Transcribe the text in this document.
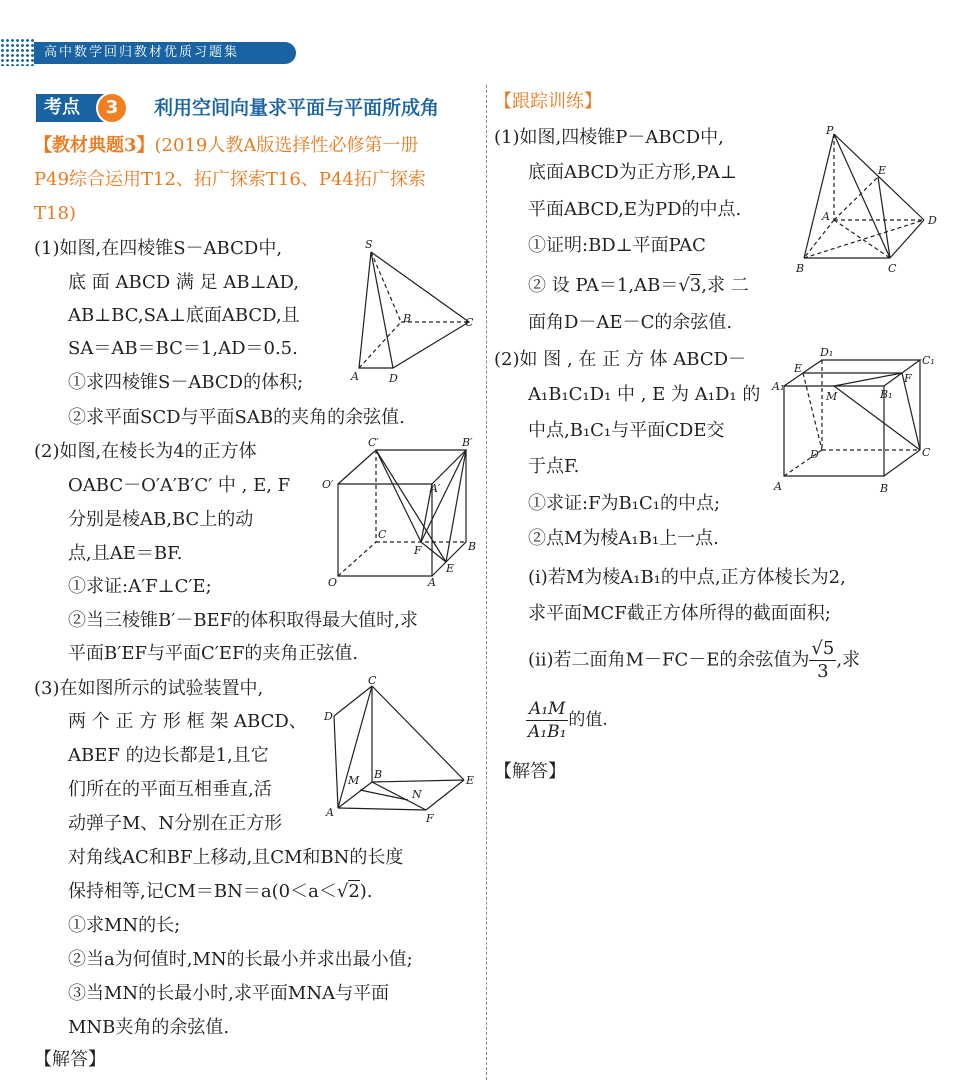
高中数学回归教材优质习题集
考点	3	利用空间向量求平面与平面所成角
【教材典题3】(2019人教A版选择性必修第一册
P49综合运用T12、拓广探索T16、P44拓广探索
T18)
(1)如图,在四棱锥S－ABCD中,
底 面 ABCD 满 足 AB⊥AD,
AB⊥BC,SA⊥底面ABCD,且
SA＝AB＝BC＝1,AD＝0.5.
①求四棱锥S－ABCD的体积;
②求平面SCD与平面SAB的夹角的余弦值.
S
B	C
A	D
(2)如图,在棱长为4的正方体
OABC－O′A′B′C′ 中 , E, F
分别是棱AB,BC上的动
点,且AE＝BF.
①求证:A′F⊥C′E;
②当三棱锥B′－BEF的体积取得最大值时,求
平面B′EF与平面C′EF的夹角正弦值.
C′	B′
O′	A′
C
F	B
E
O	A
(3)在如图所示的试验装置中,
两 个 正 方 形 框 架 ABCD、
ABEF 的边长都是1,且它
们所在的平面互相垂直,活
动弹子M、N分别在正方形
对角线AC和BF上移动,且CM和BN的长度
保持相等,记CM＝BN＝a(0＜a＜√2).
①求MN的长;
②当a为何值时,MN的长最小并求出最小值;
③当MN的长最小时,求平面MNA与平面
MNB夹角的余弦值.
【解答】
C
D
M B	E
N
A	F
【跟踪训练】
(1)如图,四棱锥P－ABCD中,
底面ABCD为正方形,PA⊥
平面ABCD,E为PD的中点.
①证明:BD⊥平面PAC
② 设 PA＝1,AB＝√3,求 二
面角D－AE－C的余弦值.
P
E
A	D
B	C
(2)如 图 , 在 正 方 体 ABCD－
A₁B₁C₁D₁ 中 , E 为 A₁D₁ 的
中点,B₁C₁与平面CDE交
于点F.
①求证:F为B₁C₁的中点;
②点M为棱A₁B₁上一点.
(ⅰ)若M为棱A₁B₁的中点,正方体棱长为2,
求平面MCF截正方体所得的截面面积;
(ⅱ)若二面角M－FC－E的余弦值为 $\frac{√5}{3}$ ,求
$\frac{\text{A₁M}}{\text{A₁B₁}}$ 的值.
【解答】
D₁
C₁
E
F
A₁
M	B₁
D	C
A	B
